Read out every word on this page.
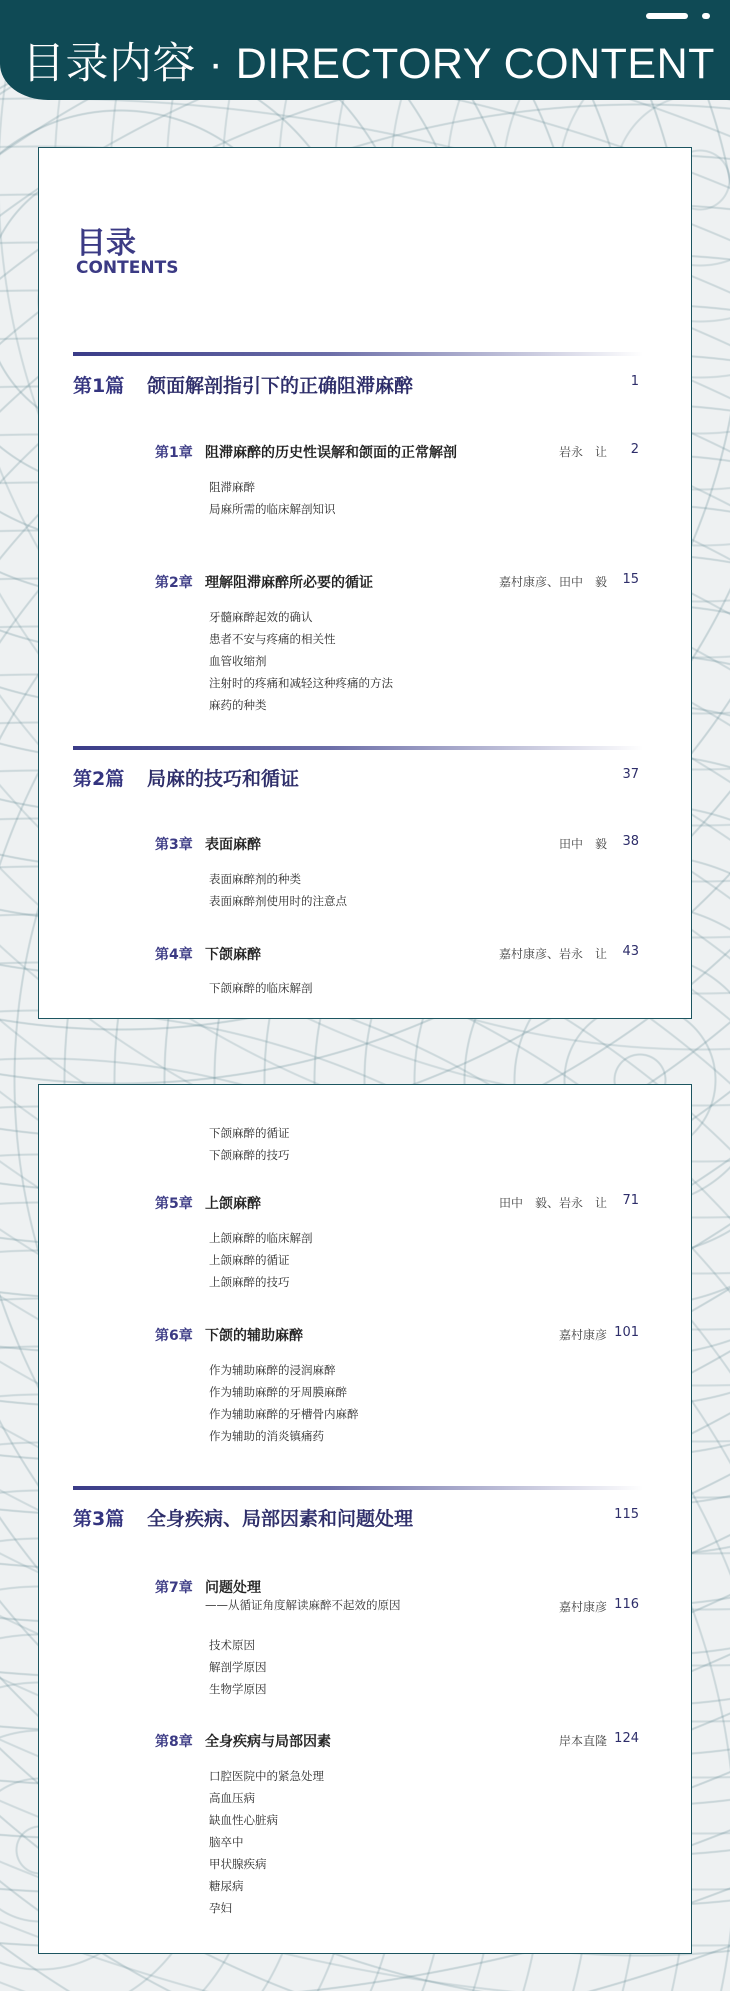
目录内容 · DIRECTORY CONTENT
目录
CONTENTS
第1篇 颌面解剖指引下的正确阻滞麻醉	1
第1章 阻滞麻醉的历史性误解和颌面的正常解剖	岩永　让 2
阻滞麻醉
局麻所需的临床解剖知识
第2章 理解阻滞麻醉所必要的循证	嘉村康彦、田中　毅 15
牙髓麻醉起效的确认
患者不安与疼痛的相关性
血管收缩剂
注射时的疼痛和减轻这种疼痛的方法
麻药的种类
第2篇 局麻的技巧和循证	37
第3章 表面麻醉	田中　毅 38
表面麻醉剂的种类
表面麻醉剂使用时的注意点
第4章 下颌麻醉	嘉村康彦、岩永　让 43
下颌麻醉的临床解剖
下颌麻醉的循证
下颌麻醉的技巧
第5章 上颌麻醉	田中　毅、岩永　让 71
上颌麻醉的临床解剖
上颌麻醉的循证
上颌麻醉的技巧
第6章 下颌的辅助麻醉	嘉村康彦 101
作为辅助麻醉的浸润麻醉
作为辅助麻醉的牙周膜麻醉
作为辅助麻醉的牙槽骨内麻醉
作为辅助的消炎镇痛药
第3篇 全身疾病、局部因素和问题处理	115
第7章 问题处理
——从循证角度解读麻醉不起效的原因	嘉村康彦 116
技术原因
解剖学原因
生物学原因
第8章 全身疾病与局部因素	岸本直隆 124
口腔医院中的紧急处理
高血压病
缺血性心脏病
脑卒中
甲状腺疾病
糖尿病
孕妇
